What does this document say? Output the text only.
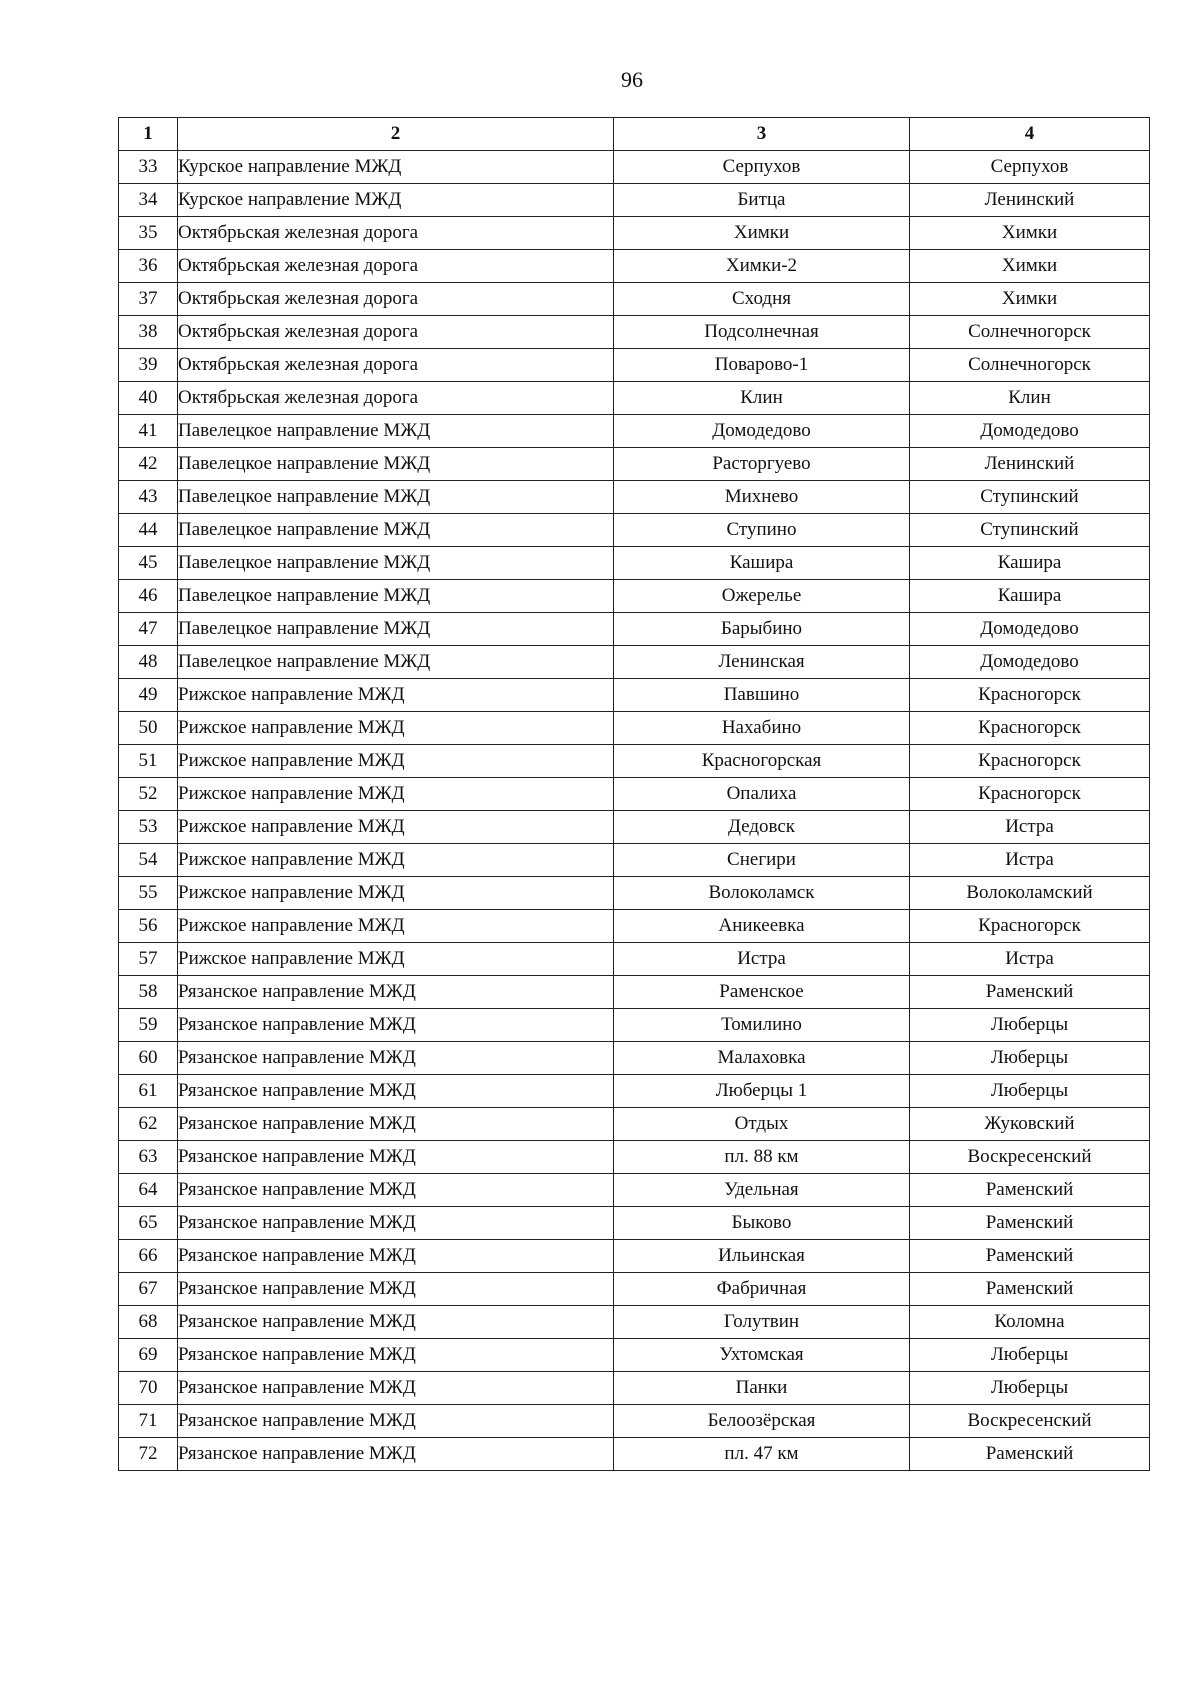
96
1	2	3	4
33	Курское направление МЖД	Серпухов	Серпухов
34	Курское направление МЖД	Битца	Ленинский
35	Октябрьская железная дорога	Химки	Химки
36	Октябрьская железная дорога	Химки-2	Химки
37	Октябрьская железная дорога	Сходня	Химки
38	Октябрьская железная дорога	Подсолнечная	Солнечногорск
39	Октябрьская железная дорога	Поварово-1	Солнечногорск
40	Октябрьская железная дорога	Клин	Клин
41	Павелецкое направление МЖД	Домодедово	Домодедово
42	Павелецкое направление МЖД	Расторгуево	Ленинский
43	Павелецкое направление МЖД	Михнево	Ступинский
44	Павелецкое направление МЖД	Ступино	Ступинский
45	Павелецкое направление МЖД	Кашира	Кашира
46	Павелецкое направление МЖД	Ожерелье	Кашира
47	Павелецкое направление МЖД	Барыбино	Домодедово
48	Павелецкое направление МЖД	Ленинская	Домодедово
49	Рижское направление МЖД	Павшино	Красногорск
50	Рижское направление МЖД	Нахабино	Красногорск
51	Рижское направление МЖД	Красногорская	Красногорск
52	Рижское направление МЖД	Опалиха	Красногорск
53	Рижское направление МЖД	Дедовск	Истра
54	Рижское направление МЖД	Снегири	Истра
55	Рижское направление МЖД	Волоколамск	Волоколамский
56	Рижское направление МЖД	Аникеевка	Красногорск
57	Рижское направление МЖД	Истра	Истра
58	Рязанское направление МЖД	Раменское	Раменский
59	Рязанское направление МЖД	Томилино	Люберцы
60	Рязанское направление МЖД	Малаховка	Люберцы
61	Рязанское направление МЖД	Люберцы 1	Люберцы
62	Рязанское направление МЖД	Отдых	Жуковский
63	Рязанское направление МЖД	пл. 88 км	Воскресенский
64	Рязанское направление МЖД	Удельная	Раменский
65	Рязанское направление МЖД	Быково	Раменский
66	Рязанское направление МЖД	Ильинская	Раменский
67	Рязанское направление МЖД	Фабричная	Раменский
68	Рязанское направление МЖД	Голутвин	Коломна
69	Рязанское направление МЖД	Ухтомская	Люберцы
70	Рязанское направление МЖД	Панки	Люберцы
71	Рязанское направление МЖД	Белоозёрская	Воскресенский
72	Рязанское направление МЖД	пл. 47 км	Раменский
